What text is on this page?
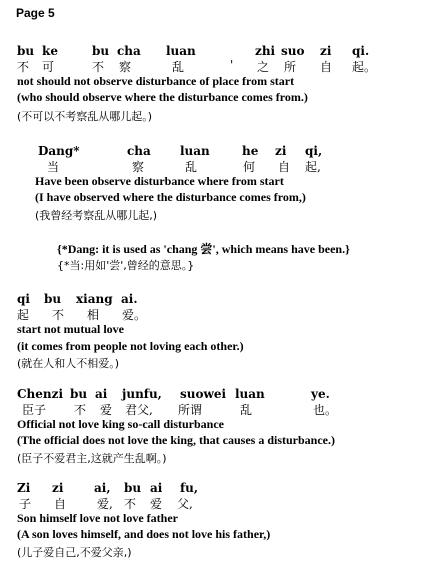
Page 5
bu ke	bu cha luan	zhi suo zi qi.
不 可	不 察	乱	' 之 所 自 起。
not should not observe disturbance of place from start
(who should observe where the disturbance comes from.)
(不可以不考察乱从哪儿起。)
Dang*	cha luan	he zi qi,
当	察	乱	何 自 起,
Have been observe disturbance where from start
(I have observed where the disturbance comes from,)
(我曾经考察乱从哪儿起,)
{*Dang: it is used as 'chang 尝', which means have been.}
{*当:用如'尝',曾经的意思。}
qi bu xiang ai.
起 不 相 爱。
start not mutual love
(it comes from people not loving each other.)
(就在人和人不相爱。)
Chenzi bu ai junfu, suowei luan	ye.
臣子 不 爱 君父, 所谓	乱	也。
Official not love king so-call disturbance
(The official does not love the king, that causes a disturbance.)
(臣子不爱君主,这就产生乱啊。)
Zi zi	ai, bu ai fu,
子 自	爱, 不 爱 父,
Son himself love not love father
(A son loves himself, and does not love his father,)
(儿子爱自己,不爱父亲,)
